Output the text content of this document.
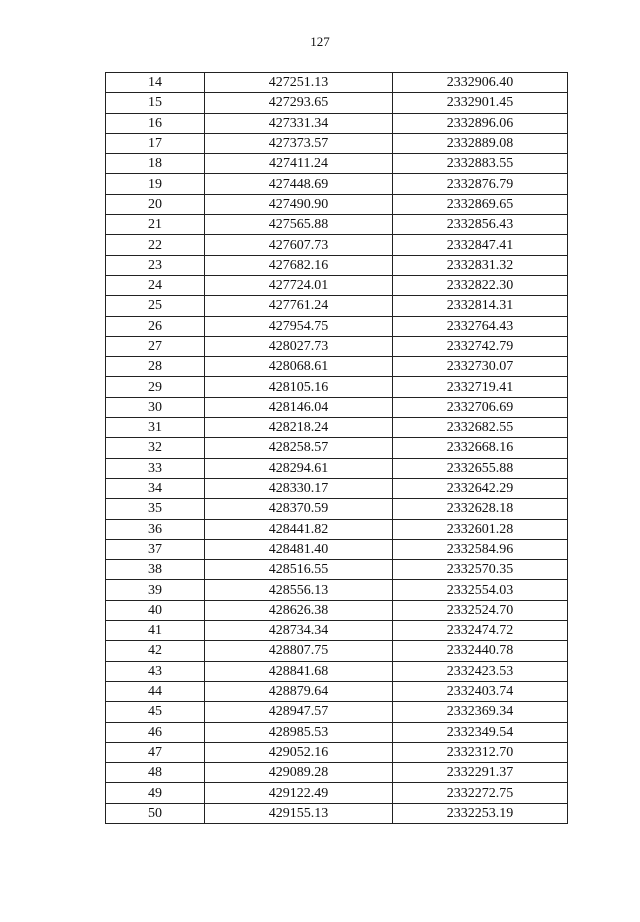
127
14	427251.13	2332906.40
15	427293.65	2332901.45
16	427331.34	2332896.06
17	427373.57	2332889.08
18	427411.24	2332883.55
19	427448.69	2332876.79
20	427490.90	2332869.65
21	427565.88	2332856.43
22	427607.73	2332847.41
23	427682.16	2332831.32
24	427724.01	2332822.30
25	427761.24	2332814.31
26	427954.75	2332764.43
27	428027.73	2332742.79
28	428068.61	2332730.07
29	428105.16	2332719.41
30	428146.04	2332706.69
31	428218.24	2332682.55
32	428258.57	2332668.16
33	428294.61	2332655.88
34	428330.17	2332642.29
35	428370.59	2332628.18
36	428441.82	2332601.28
37	428481.40	2332584.96
38	428516.55	2332570.35
39	428556.13	2332554.03
40	428626.38	2332524.70
41	428734.34	2332474.72
42	428807.75	2332440.78
43	428841.68	2332423.53
44	428879.64	2332403.74
45	428947.57	2332369.34
46	428985.53	2332349.54
47	429052.16	2332312.70
48	429089.28	2332291.37
49	429122.49	2332272.75
50	429155.13	2332253.19
